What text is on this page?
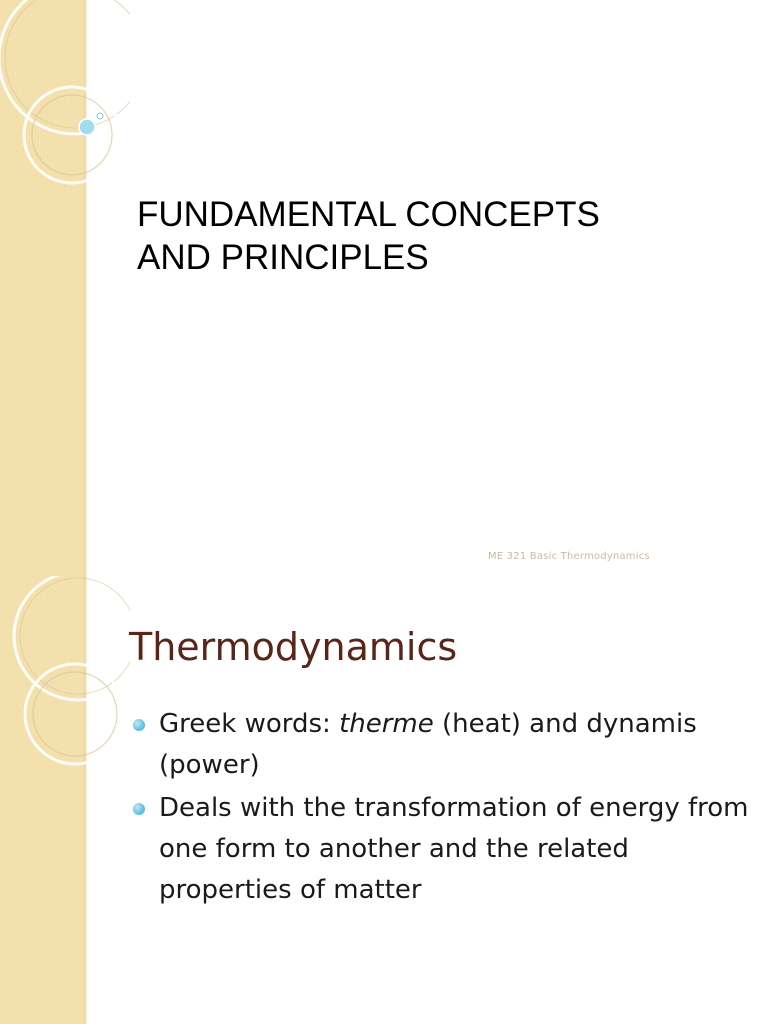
FUNDAMENTAL CONCEPTS
AND PRINCIPLES
ME 321 Basic Thermodynamics
Thermodynamics
Greek words: therme (heat) and dynamis (power)
Deals with the transformation of energy from one form to another and the related properties of matter
